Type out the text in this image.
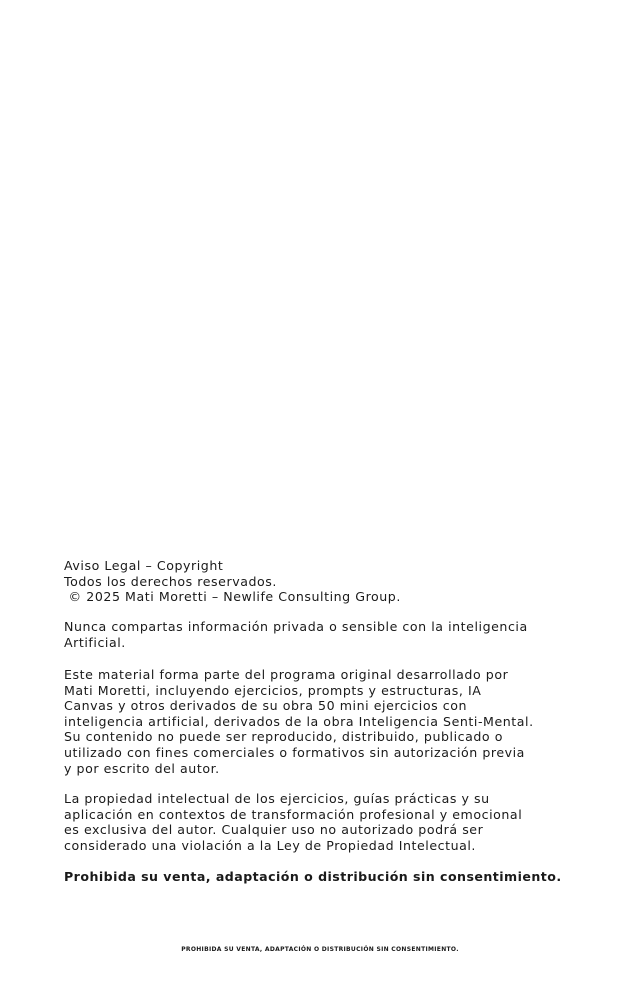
Aviso Legal – Copyright
Todos los derechos reservados.
© 2025 Mati Moretti – Newlife Consulting Group.
Nunca compartas información privada o sensible con la inteligencia
Artificial.
Este material forma parte del programa original desarrollado por
Mati Moretti, incluyendo ejercicios, prompts y estructuras, IA
Canvas y otros derivados de su obra 50 mini ejercicios con
inteligencia artificial, derivados de la obra Inteligencia Senti-Mental.
Su contenido no puede ser reproducido, distribuido, publicado o
utilizado con fines comerciales o formativos sin autorización previa
y por escrito del autor.
La propiedad intelectual de los ejercicios, guías prácticas y su
aplicación en contextos de transformación profesional y emocional
es exclusiva del autor. Cualquier uso no autorizado podrá ser
considerado una violación a la Ley de Propiedad Intelectual.
Prohibida su venta, adaptación o distribución sin consentimiento.
PROHIBIDA SU VENTA, ADAPTACIÓN O DISTRIBUCIÓN SIN CONSENTIMIENTO.
